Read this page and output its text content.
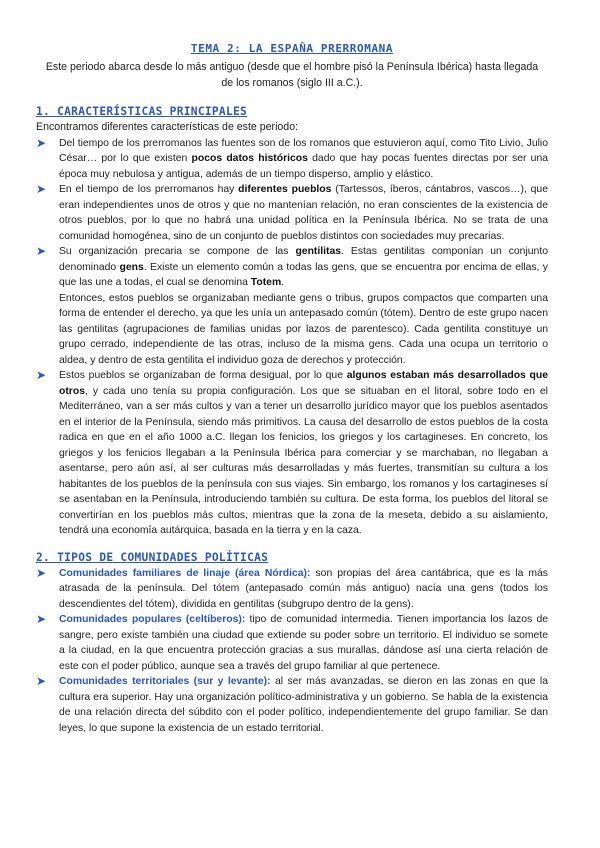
TEMA 2: LA ESPAÑA PRERROMANA
Este periodo abarca desde lo más antiguo (desde que el hombre pisó la Península Ibérica) hasta llegada de los romanos (siglo III a.C.).
1. CARACTERÍSTICAS PRINCIPALES

Encontramos diferentes características de este periodo:

➤ Del tiempo de los prerromanos las fuentes son de los romanos que estuvieron aquí, como Tito Livio, Julio César… por lo que existen pocos datos históricos dado que hay pocas fuentes directas por ser una época muy nebulosa y antigua, además de un tiempo disperso, amplio y elástico.

➤ En el tiempo de los prerromanos hay diferentes pueblos (Tartessos, íberos, cántabros, vascos…), que eran independientes unos de otros y que no mantenían relación, no eran conscientes de la existencia de otros pueblos, por lo que no habrá una unidad política en la Península Ibérica. No se trata de una comunidad homogénea, sino de un conjunto de pueblos distintos con sociedades muy precarias.

➤ Su organización precaria se compone de las gentilitas. Estas gentilitas componían un conjunto denominado gens. Existe un elemento común a todas las gens, que se encuentra por encima de ellas, y que las une a todas, el cual se denomina Totem.

Entonces, estos pueblos se organizaban mediante gens o tribus, grupos compactos que comparten una forma de entender el derecho, ya que les unía un antepasado común (tótem). Dentro de este grupo nacen las gentilitas (agrupaciones de familias unidas por lazos de parentesco). Cada gentilita constituye un grupo cerrado, independiente de las otras, incluso de la misma gens. Cada una ocupa un territorio o aldea, y dentro de esta gentilita el individuo goza de derechos y protección.

➤ Estos pueblos se organizaban de forma desigual, por lo que algunos estaban más desarrollados que otros, y cada uno tenía su propia configuración. Los que se situaban en el litoral, sobre todo en el Mediterráneo, van a ser más cultos y van a tener un desarrollo jurídico mayor que los pueblos asentados en el interior de la Península, siendo más primitivos. La causa del desarrollo de estos pueblos de la costa radica en que en el año 1000 a.C. llegan los fenicios, los griegos y los cartagineses. En concreto, los griegos y los fenicios llegaban a la Península Ibérica para comerciar y se marchaban, no llegaban a asentarse, pero aún así, al ser culturas más desarrolladas y más fuertes, transmitían su cultura a los habitantes de los pueblos de la península con sus viajes. Sin embargo, los romanos y los cartagineses sí se asentaban en la Península, introduciendo también su cultura. De esta forma, los pueblos del litoral se convertirían en los pueblos más cultos, mientras que la zona de la meseta, debido a su aislamiento, tendrá una economía autárquica, basada en la tierra y en la caza.

2. TIPOS DE COMUNIDADES POLÍTICAS
➤ Comunidades familiares de linaje (área Nórdica): son propias del área cantábrica, que es la más atrasada de la península. Del tótem (antepasado común más antiguo) nacía una gens (todos los descendientes del tótem), dividida en gentilitas (subgrupo dentro de la gens).

➤ Comunidades populares (celtíberos): tipo de comunidad intermedia. Tienen importancia los lazos de sangre, pero existe también una ciudad que extiende su poder sobre un territorio. El individuo se somete a la ciudad, en la que encuentra protección gracias a sus murallas, dándose así una cierta relación de este con el poder público, aunque sea a través del grupo familiar al que pertenece.

➤ Comunidades territoriales (sur y levante): al ser más avanzadas, se dieron en las zonas en que la cultura era superior. Hay una organización político-administrativa y un gobierno. Se habla de la existencia de una relación directa del súbdito con el poder político, independientemente del grupo familiar. Se dan leyes, lo que supone la existencia de un estado territorial.
